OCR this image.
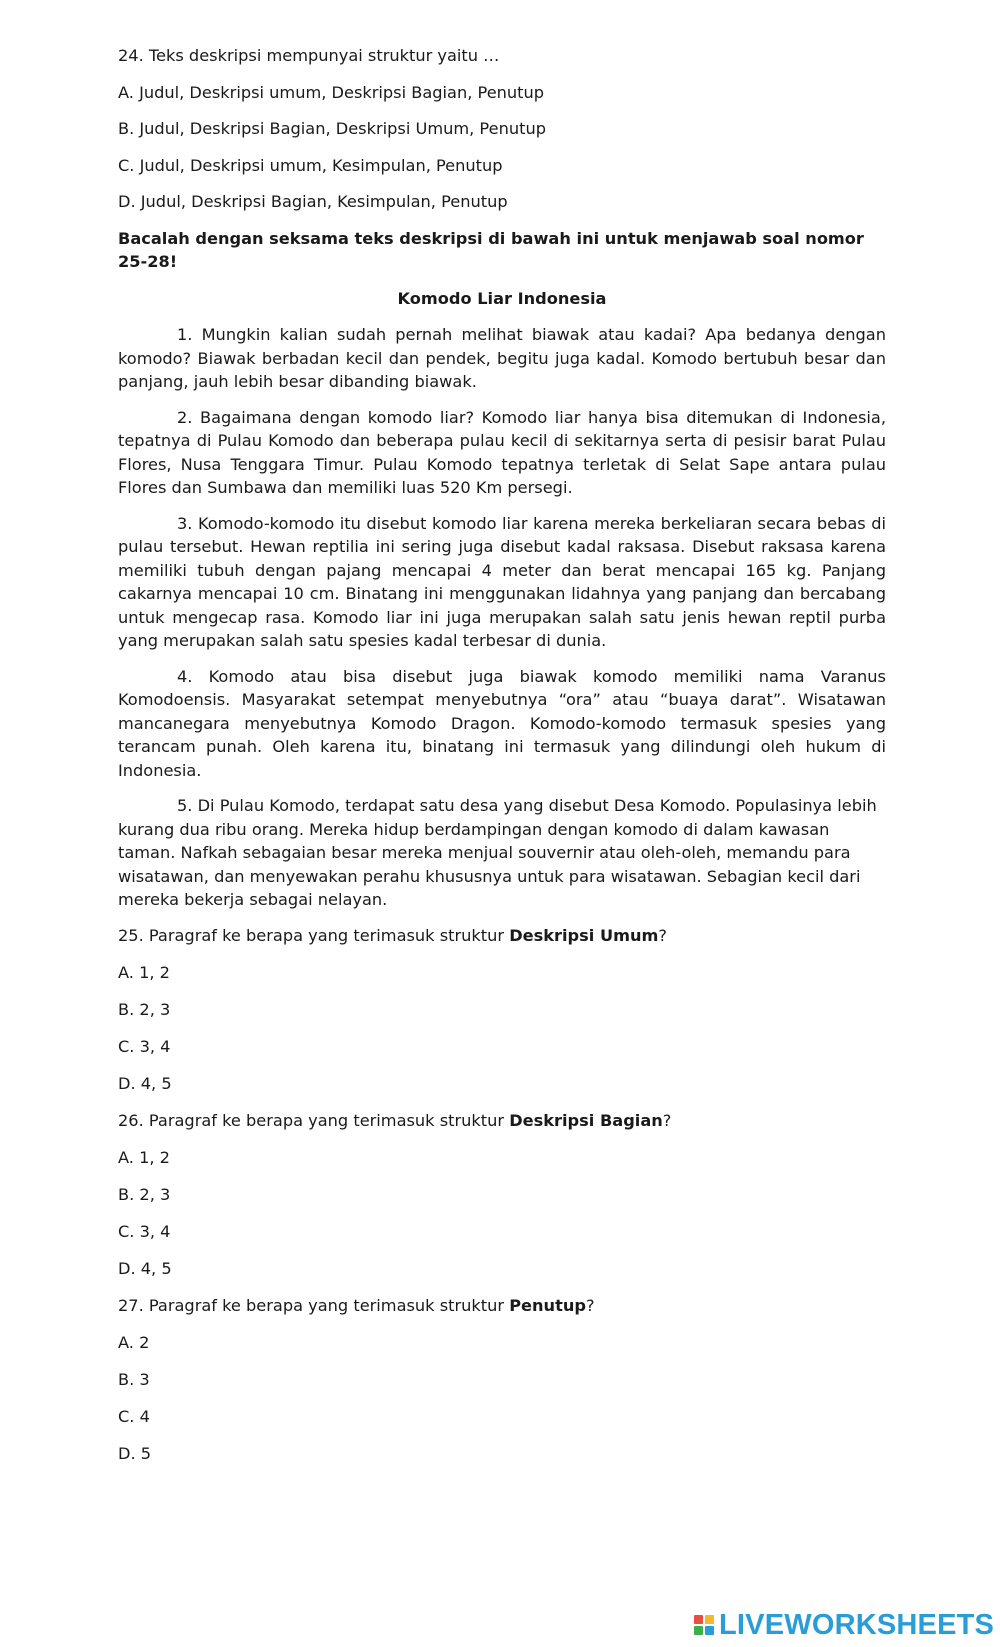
24. Teks deskripsi mempunyai struktur yaitu …

A. Judul, Deskripsi umum, Deskripsi Bagian, Penutup

B. Judul, Deskripsi Bagian, Deskripsi Umum, Penutup

C. Judul, Deskripsi umum, Kesimpulan, Penutup

D. Judul, Deskripsi Bagian, Kesimpulan, Penutup

Bacalah dengan seksama teks deskripsi di bawah ini untuk menjawab soal nomor 25-28!

Komodo Liar Indonesia

1. Mungkin kalian sudah pernah melihat biawak atau kadai? Apa bedanya dengan komodo? Biawak berbadan kecil dan pendek, begitu juga kadal. Komodo bertubuh besar dan panjang, jauh lebih besar dibanding biawak.

2. Bagaimana dengan komodo liar? Komodo liar hanya bisa ditemukan di Indonesia, tepatnya di Pulau Komodo dan beberapa pulau kecil di sekitarnya serta di pesisir barat Pulau Flores, Nusa Tenggara Timur. Pulau Komodo tepatnya terletak di Selat Sape antara pulau Flores dan Sumbawa dan memiliki luas 520 Km persegi.

3. Komodo-komodo itu disebut komodo liar karena mereka berkeliaran secara bebas di pulau tersebut. Hewan reptilia ini sering juga disebut kadal raksasa. Disebut raksasa karena memiliki tubuh dengan pajang mencapai 4 meter dan berat mencapai 165 kg. Panjang cakarnya mencapai 10 cm. Binatang ini menggunakan lidahnya yang panjang dan bercabang untuk mengecap rasa. Komodo liar ini juga merupakan salah satu jenis hewan reptil purba yang merupakan salah satu spesies kadal terbesar di dunia.

4. Komodo atau bisa disebut juga biawak komodo memiliki nama Varanus Komodoensis. Masyarakat setempat menyebutnya “ora” atau “buaya darat”. Wisatawan mancanegara menyebutnya Komodo Dragon. Komodo-komodo termasuk spesies yang terancam punah. Oleh karena itu, binatang ini termasuk yang dilindungi oleh hukum di Indonesia.

5. Di Pulau Komodo, terdapat satu desa yang disebut Desa Komodo. Populasinya lebih kurang dua ribu orang. Mereka hidup berdampingan dengan komodo di dalam kawasan taman. Nafkah sebagaian besar mereka menjual souvernir atau oleh-oleh, memandu para wisatawan, dan menyewakan perahu khususnya untuk para wisatawan. Sebagian kecil dari mereka bekerja sebagai nelayan.

25. Paragraf ke berapa yang terimasuk struktur Deskripsi Umum?

A. 1, 2

B. 2, 3

C. 3, 4

D. 4, 5

26. Paragraf ke berapa yang terimasuk struktur Deskripsi Bagian?

A. 1, 2

B. 2, 3

C. 3, 4

D. 4, 5

27. Paragraf ke berapa yang terimasuk struktur Penutup?

A. 2

B. 3

C. 4

D. 5

LIVEWORKSHEETS
